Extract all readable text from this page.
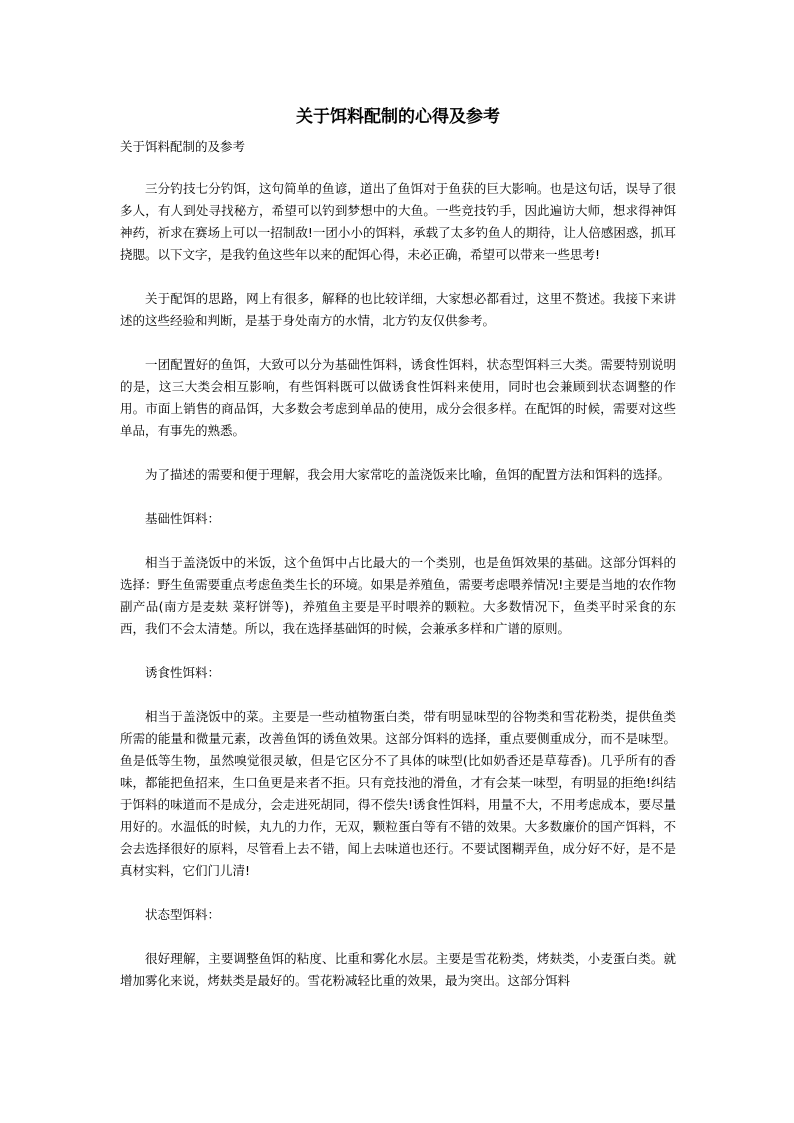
关于饵料配制的心得及参考
关于饵料配制的及参考

三分钓技七分钓饵，这句简单的鱼谚，道出了鱼饵对于鱼获的巨大影响。也是这句话，误导了很多人，有人到处寻找秘方，希望可以钓到梦想中的大鱼。一些竞技钓手，因此遍访大师，想求得神饵神药，祈求在赛场上可以一招制敌!一团小小的饵料，承载了太多钓鱼人的期待，让人倍感困惑，抓耳挠腮。以下文字，是我钓鱼这些年以来的配饵心得，未必正确，希望可以带来一些思考!

关于配饵的思路，网上有很多，解释的也比较详细，大家想必都看过，这里不赘述。我接下来讲述的这些经验和判断，是基于身处南方的水情，北方钓友仅供参考。

一团配置好的鱼饵，大致可以分为基础性饵料，诱食性饵料，状态型饵料三大类。需要特别说明的是，这三大类会相互影响，有些饵料既可以做诱食性饵料来使用，同时也会兼顾到状态调整的作用。市面上销售的商品饵，大多数会考虑到单品的使用，成分会很多样。在配饵的时候，需要对这些单品，有事先的熟悉。

为了描述的需要和便于理解，我会用大家常吃的盖浇饭来比喻，鱼饵的配置方法和饵料的选择。

基础性饵料：

相当于盖浇饭中的米饭，这个鱼饵中占比最大的一个类别，也是鱼饵效果的基础。这部分饵料的选择：野生鱼需要重点考虑鱼类生长的环境。如果是养殖鱼，需要考虑喂养情况!主要是当地的农作物副产品(南方是麦麸 菜籽饼等)，养殖鱼主要是平时喂养的颗粒。大多数情况下，鱼类平时采食的东西，我们不会太清楚。所以，我在选择基础饵的时候，会兼承多样和广谱的原则。

诱食性饵料：

相当于盖浇饭中的菜。主要是一些动植物蛋白类，带有明显味型的谷物类和雪花粉类，提供鱼类所需的能量和微量元素，改善鱼饵的诱鱼效果。这部分饵料的选择，重点要侧重成分，而不是味型。鱼是低等生物，虽然嗅觉很灵敏，但是它区分不了具体的味型(比如奶香还是草莓香)。几乎所有的香味，都能把鱼招来，生口鱼更是来者不拒。只有竞技池的滑鱼，才有会某一味型，有明显的拒绝!纠结于饵料的味道而不是成分，会走进死胡同，得不偿失!诱食性饵料，用量不大，不用考虑成本，要尽量用好的。水温低的时候，丸九的力作，无双，颗粒蛋白等有不错的效果。大多数廉价的国产饵料，不会去选择很好的原料，尽管看上去不错，闻上去味道也还行。不要试图糊弄鱼，成分好不好，是不是真材实料，它们门儿清!

状态型饵料：

很好理解，主要调整鱼饵的粘度、比重和雾化水层。主要是雪花粉类，烤麸类，小麦蛋白类。就增加雾化来说，烤麸类是最好的。雪花粉减轻比重的效果，最为突出。这部分饵料
